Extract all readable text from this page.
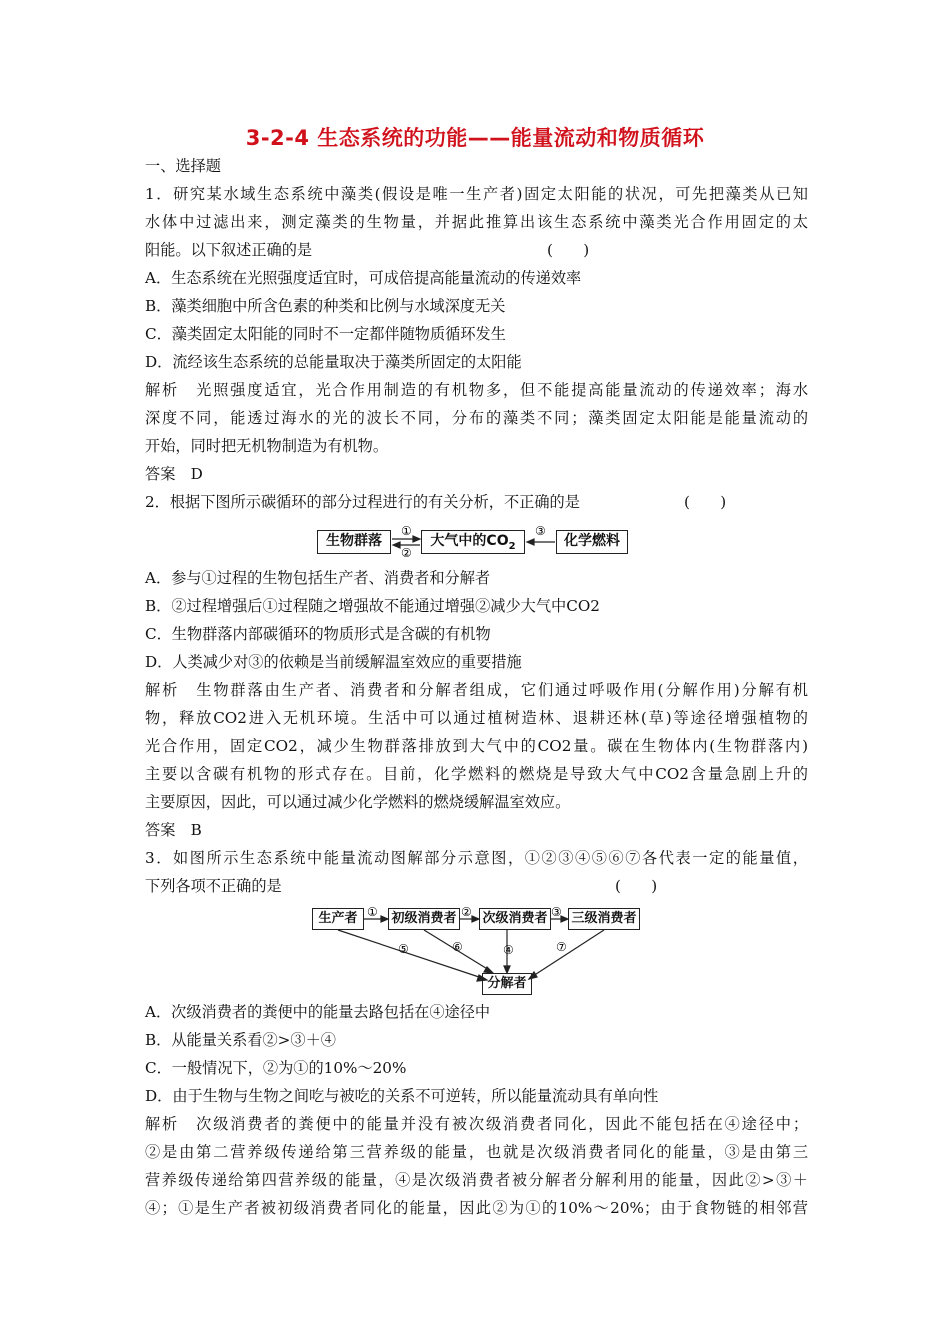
3-2-4 生态系统的功能——能量流动和物质循环
一、选择题
1．研究某水域生态系统中藻类(假设是唯一生产者)固定太阳能的状况，可先把藻类从已知
水体中过滤出来，测定藻类的生物量，并据此推算出该生态系统中藻类光合作用固定的太
阳能。以下叙述正确的是	(　　)
A．生态系统在光照强度适宜时，可成倍提高能量流动的传递效率
B．藻类细胞中所含色素的种类和比例与水域深度无关
C．藻类固定太阳能的同时不一定都伴随物质循环发生
D．流经该生态系统的总能量取决于藻类所固定的太阳能
解析　光照强度适宜，光合作用制造的有机物多，但不能提高能量流动的传递效率；海水
深度不同，能透过海水的光的波长不同，分布的藻类不同；藻类固定太阳能是能量流动的
开始，同时把无机物制造为有机物。
答案　D
2．根据下图所示碳循环的部分过程进行的有关分析，不正确的是	(　　)
生物群落	大气中的$CO_2$	化学燃料
①
②
③
A．参与①过程的生物包括生产者、消费者和分解者
B．②过程增强后①过程随之增强故不能通过增强②减少大气中CO2
C．生物群落内部碳循环的物质形式是含碳的有机物
D．人类减少对③的依赖是当前缓解温室效应的重要措施
解析　生物群落由生产者、消费者和分解者组成，它们通过呼吸作用(分解作用)分解有机
物，释放CO2进入无机环境。生活中可以通过植树造林、退耕还林(草)等途径增强植物的
光合作用，固定CO2，减少生物群落排放到大气中的CO2量。碳在生物体内(生物群落内)
主要以含碳有机物的形式存在。目前，化学燃料的燃烧是导致大气中CO2含量急剧上升的
主要原因，因此，可以通过减少化学燃料的燃烧缓解温室效应。
答案　B
3．如图所示生态系统中能量流动图解部分示意图，①②③④⑤⑥⑦各代表一定的能量值，
下列各项不正确的是	(　　)
生产者	初级消费者 次级消费者 三级消费者
分解者
①	②	③
④
⑤	⑥	⑦
A．次级消费者的粪便中的能量去路包括在④途径中
B．从能量关系看②>③＋④
C．一般情况下，②为①的10%～20%
D．由于生物与生物之间吃与被吃的关系不可逆转，所以能量流动具有单向性
解析　次级消费者的粪便中的能量并没有被次级消费者同化，因此不能包括在④途径中；
②是由第二营养级传递给第三营养级的能量，也就是次级消费者同化的能量，③是由第三
营养级传递给第四营养级的能量，④是次级消费者被分解者分解利用的能量，因此②>③＋
④；①是生产者被初级消费者同化的能量，因此②为①的10%～20%；由于食物链的相邻营
